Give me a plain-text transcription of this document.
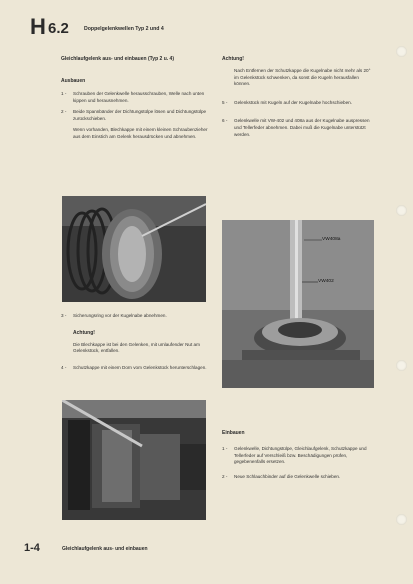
H 6.2	Doppelgelenkwellen Typ 2 und 4
Gleichlaufgelenk aus- und einbauen (Typ 2 u. 4)
Ausbauen
1 -	Schrauben der Gelenkwelle herausschrauben, Welle nach unten kippen und herausnehmen.
2 -	Beide Spannbänder der Dichtungstülpe lösen und Dichtungstülpe zurückschieben.
Wenn vorhanden, Blechkappe mit einem kleinen Schraubenzieher aus dem Einstich am Gelenk herausdrücken und abnehmen.
Achtung!
Nach Entfernen der Schutzkappe die Kugelnabe nicht mehr als 20° im Gelenkstück schwenken, da sonst die Kugeln herausfallen können.
5 -	Gelenkstück mit Kugeln auf der Kugelnabe hochschieben.
6 -	Gelenkwelle mit VW-402 und 408a aus der Kugelnabe auspressen und Tellerfeder abnehmen. Dabei muß die Kugelnabe unterstützt werden.
VW408a
VW402
3 -	Sicherungsring vor der Kugelnabe abnehmen.
Achtung!
Die Blechkappe ist bei den Gelenken, mit umlaufender Nut am Gelenkstück, entfallen.
4 -	Schutzkappe mit einem Dorn vom Gelenkstück herunterschlagen.
Einbauen
1 -	Gelenkwelle, Dichtungstülpe, Gleichlaufgelenk, Schutzkappe und Tellerfeder auf Verschleiß bzw. Beschädigungen prüfen, gegebenenfalls ersetzen.
2 -	Neue Schlauchbinder auf die Gelenkwelle schieben.
1-4	Gleichlaufgelenk aus- und einbauen
